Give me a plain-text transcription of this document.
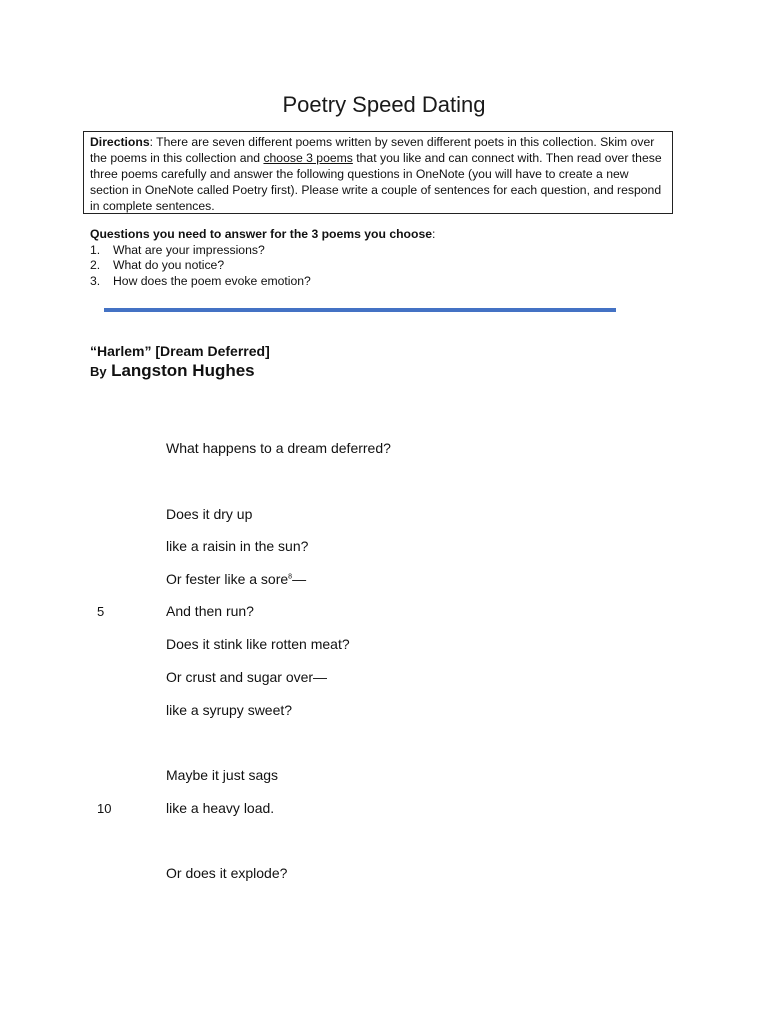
Poetry Speed Dating
Directions: There are seven different poems written by seven different poets in this collection. Skim over the poems in this collection and choose 3 poems that you like and can connect with. Then read over these three poems carefully and answer the following questions in OneNote (you will have to create a new section in OneNote called Poetry first). Please write a couple of sentences for each question, and respond in complete sentences.
Questions you need to answer for the 3 poems you choose:
1.	What are your impressions?
2.	What do you notice?
3.	How does the poem evoke emotion?
“Harlem” [Dream Deferred]
By Langston Hughes
What happens to a dream deferred?
Does it dry up
like a raisin in the sun?
Or fester like a sore$^8$—
5	And then run?
Does it stink like rotten meat?
Or crust and sugar over—
like a syrupy sweet?
Maybe it just sags
10	like a heavy load.
Or does it explode?
